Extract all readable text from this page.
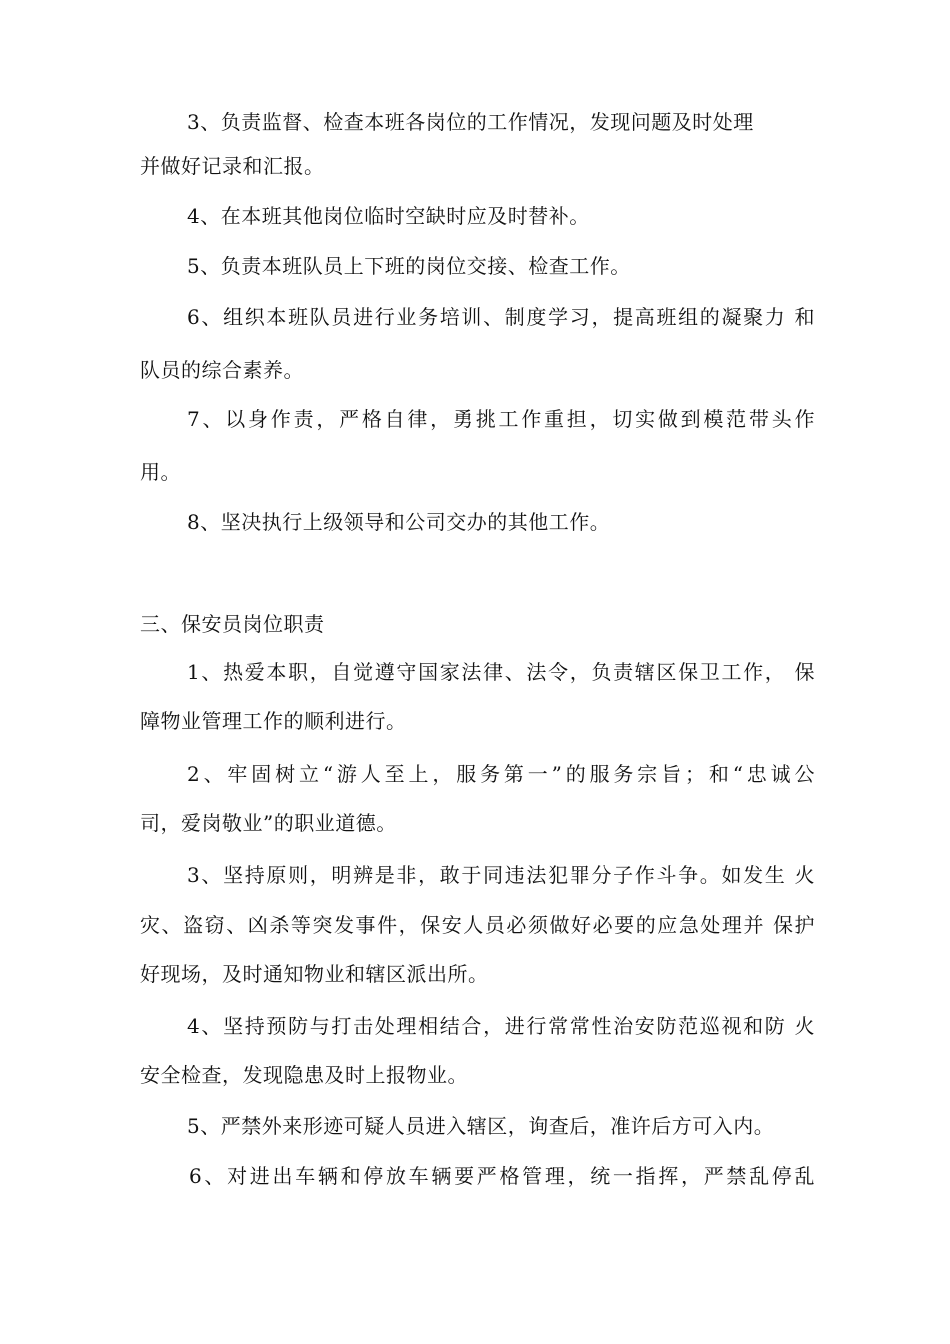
3、负责监督、检查本班各岗位的工作情况，发现问题及时处理
并做好记录和汇报。
4、在本班其他岗位临时空缺时应及时替补。
5、负责本班队员上下班的岗位交接、检查工作。
6、组织本班队员进行业务培训、制度学习，提高班组的凝聚力 和
队员的综合素养。
7、以身作责，严格自律，勇挑工作重担，切实做到模范带头作
用。
8、坚决执行上级领导和公司交办的其他工作。
三、保安员岗位职责
1、热爱本职，自觉遵守国家法律、法令，负责辖区保卫工作， 保
障物业管理工作的顺利进行。
2、牢固树立“游人至上，服务第一”的服务宗旨；和“忠诚公
司，爱岗敬业”的职业道德。
3、坚持原则，明辨是非，敢于同违法犯罪分子作斗争。如发生 火
灾、盗窃、凶杀等突发事件，保安人员必须做好必要的应急处理并 保护
好现场，及时通知物业和辖区派出所。
4、坚持预防与打击处理相结合，进行常常性治安防范巡视和防 火
安全检查，发现隐患及时上报物业。
5、严禁外来形迹可疑人员进入辖区，询查后，准许后方可入内。
6、对进出车辆和停放车辆要严格管理，统一指挥，严禁乱停乱
